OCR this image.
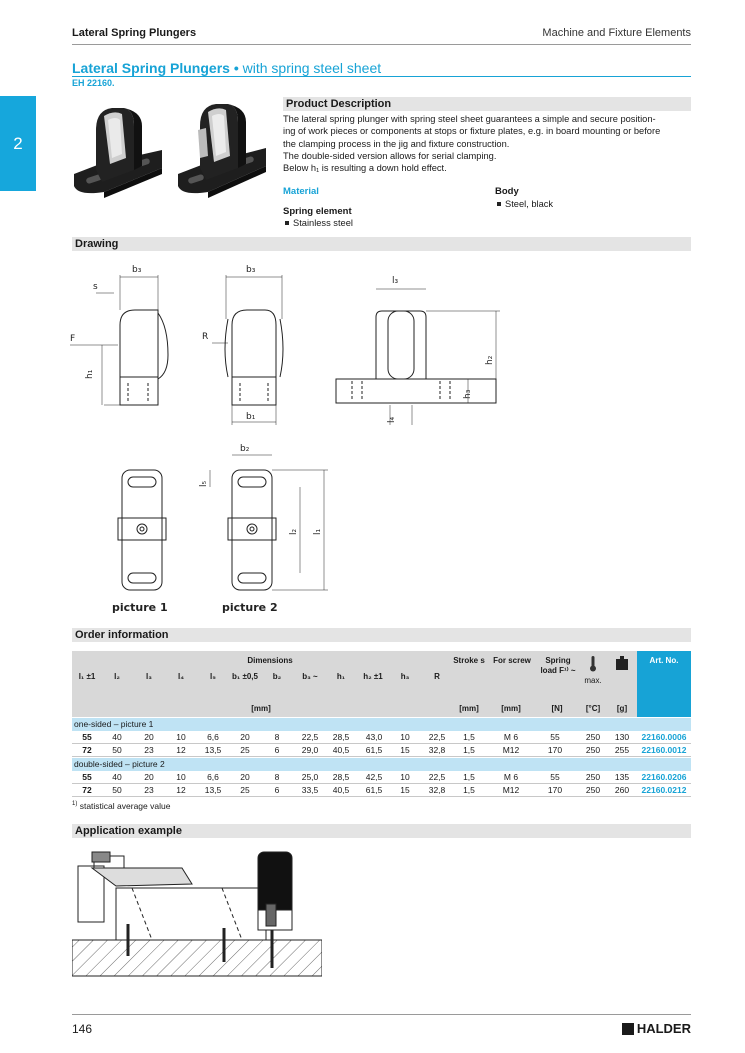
Lateral Spring Plungers	Machine and Fixture Elements
2
Lateral Spring Plungers • with spring steel sheet
EH 22160.
Product Description
The lateral spring plunger with spring steel sheet guarantees a simple and secure position-
ing of work pieces or components at stops or fixture plates, e.g. in board mounting or before
the clamping process in the jig and fixture construction.
The double-sided version allows for serial clamping.
Below h₁ is resulting a down hold effect.
Material	Body
Steel, black
Spring element
Stainless steel
Drawing
b₃
s
F
h₁
b₃
R
b₁
l₃
h₂
h₃
l₄
b₂
l₅
l₂ l₁
picture 1	picture 2
Order information
Dimensions
l₁ ±1	l₂	l₃	l₄	l₅	b₁ ±0,5	b₂	b₃ ~	h₁	h₂ ±1	h₃	R
Stroke s	For screw	Spring load F¹⁾ ~
max.
Art. No.
[mm]	[mm]	[mm]	[N]	[°C]	[g]
one-sided – picture 1
55	40	20	10	6,6	20	8	22,5 28,5 43,0	10	22,5	1,5	M 6	55	250	130	22160.0006
72	50	23	12	13,5	25	6	29,0 40,5 61,5	15	32,8	1,5	M12	170	250	255	22160.0012
double-sided – picture 2
55	40	20	10	6,6	20	8	25,0 28,5 42,5	10	22,5	1,5	M 6	55	250	135	22160.0206
72	50	23	12	13,5	25	6	33,5 40,5 61,5	15	32,8	1,5	M12	170	250	260	22160.0212
$^{1)}$ statistical average value
Application example
146	HALDER
